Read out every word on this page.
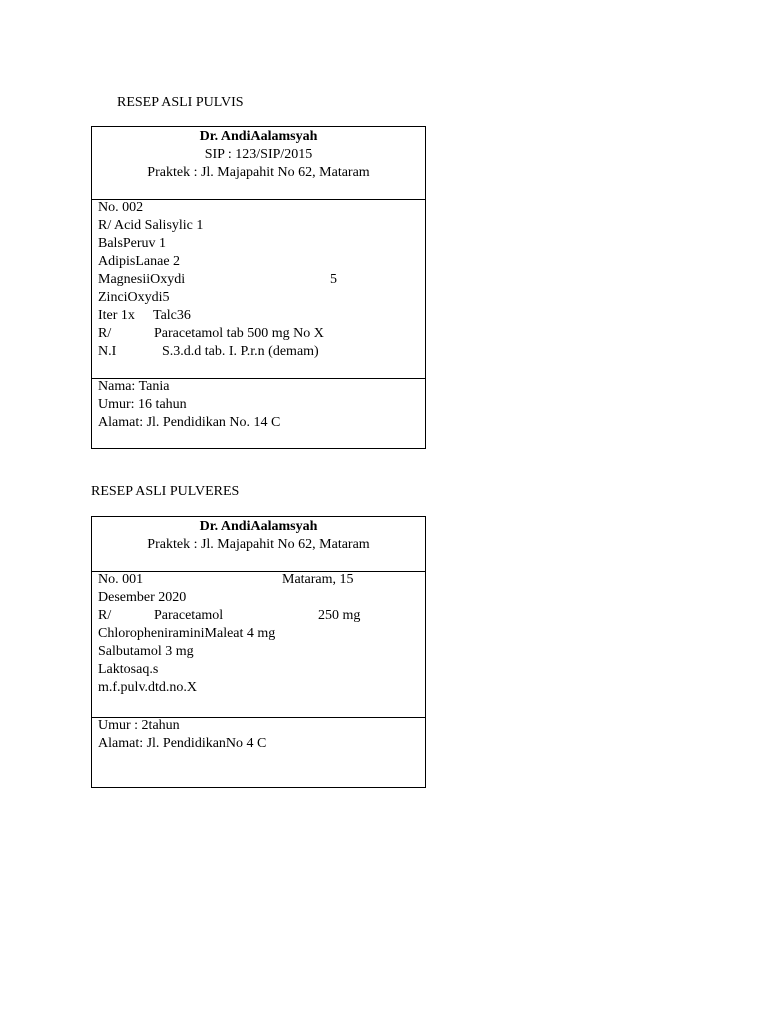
RESEP ASLI PULVIS
Dr. AndiAalamsyah
SIP : 123/SIP/2015
Praktek : Jl. Majapahit No 62, Mataram
No. 002
R/ Acid Salisylic 1
BalsPeruv 1
AdipisLanae 2
MagnesiiOxydi	5
ZinciOxydi5
Iter 1x Talc36
R/	Paracetamol tab 500 mg No X
N.I	S.3.d.d tab. I. P.r.n (demam)
Nama: Tania
Umur: 16 tahun
Alamat: Jl. Pendidikan No. 14 C
RESEP ASLI PULVERES
Dr. AndiAalamsyah
Praktek : Jl. Majapahit No 62, Mataram
No. 001	Mataram, 15
Desember 2020
R/	Paracetamol	250 mg
ChlorophenirаminiMaleat 4 mg
Salbutamol 3 mg
Laktosaq.s
m.f.pulv.dtd.no.X
Umur : 2tahun
Alamat: Jl. PendidikanNo 4 C
